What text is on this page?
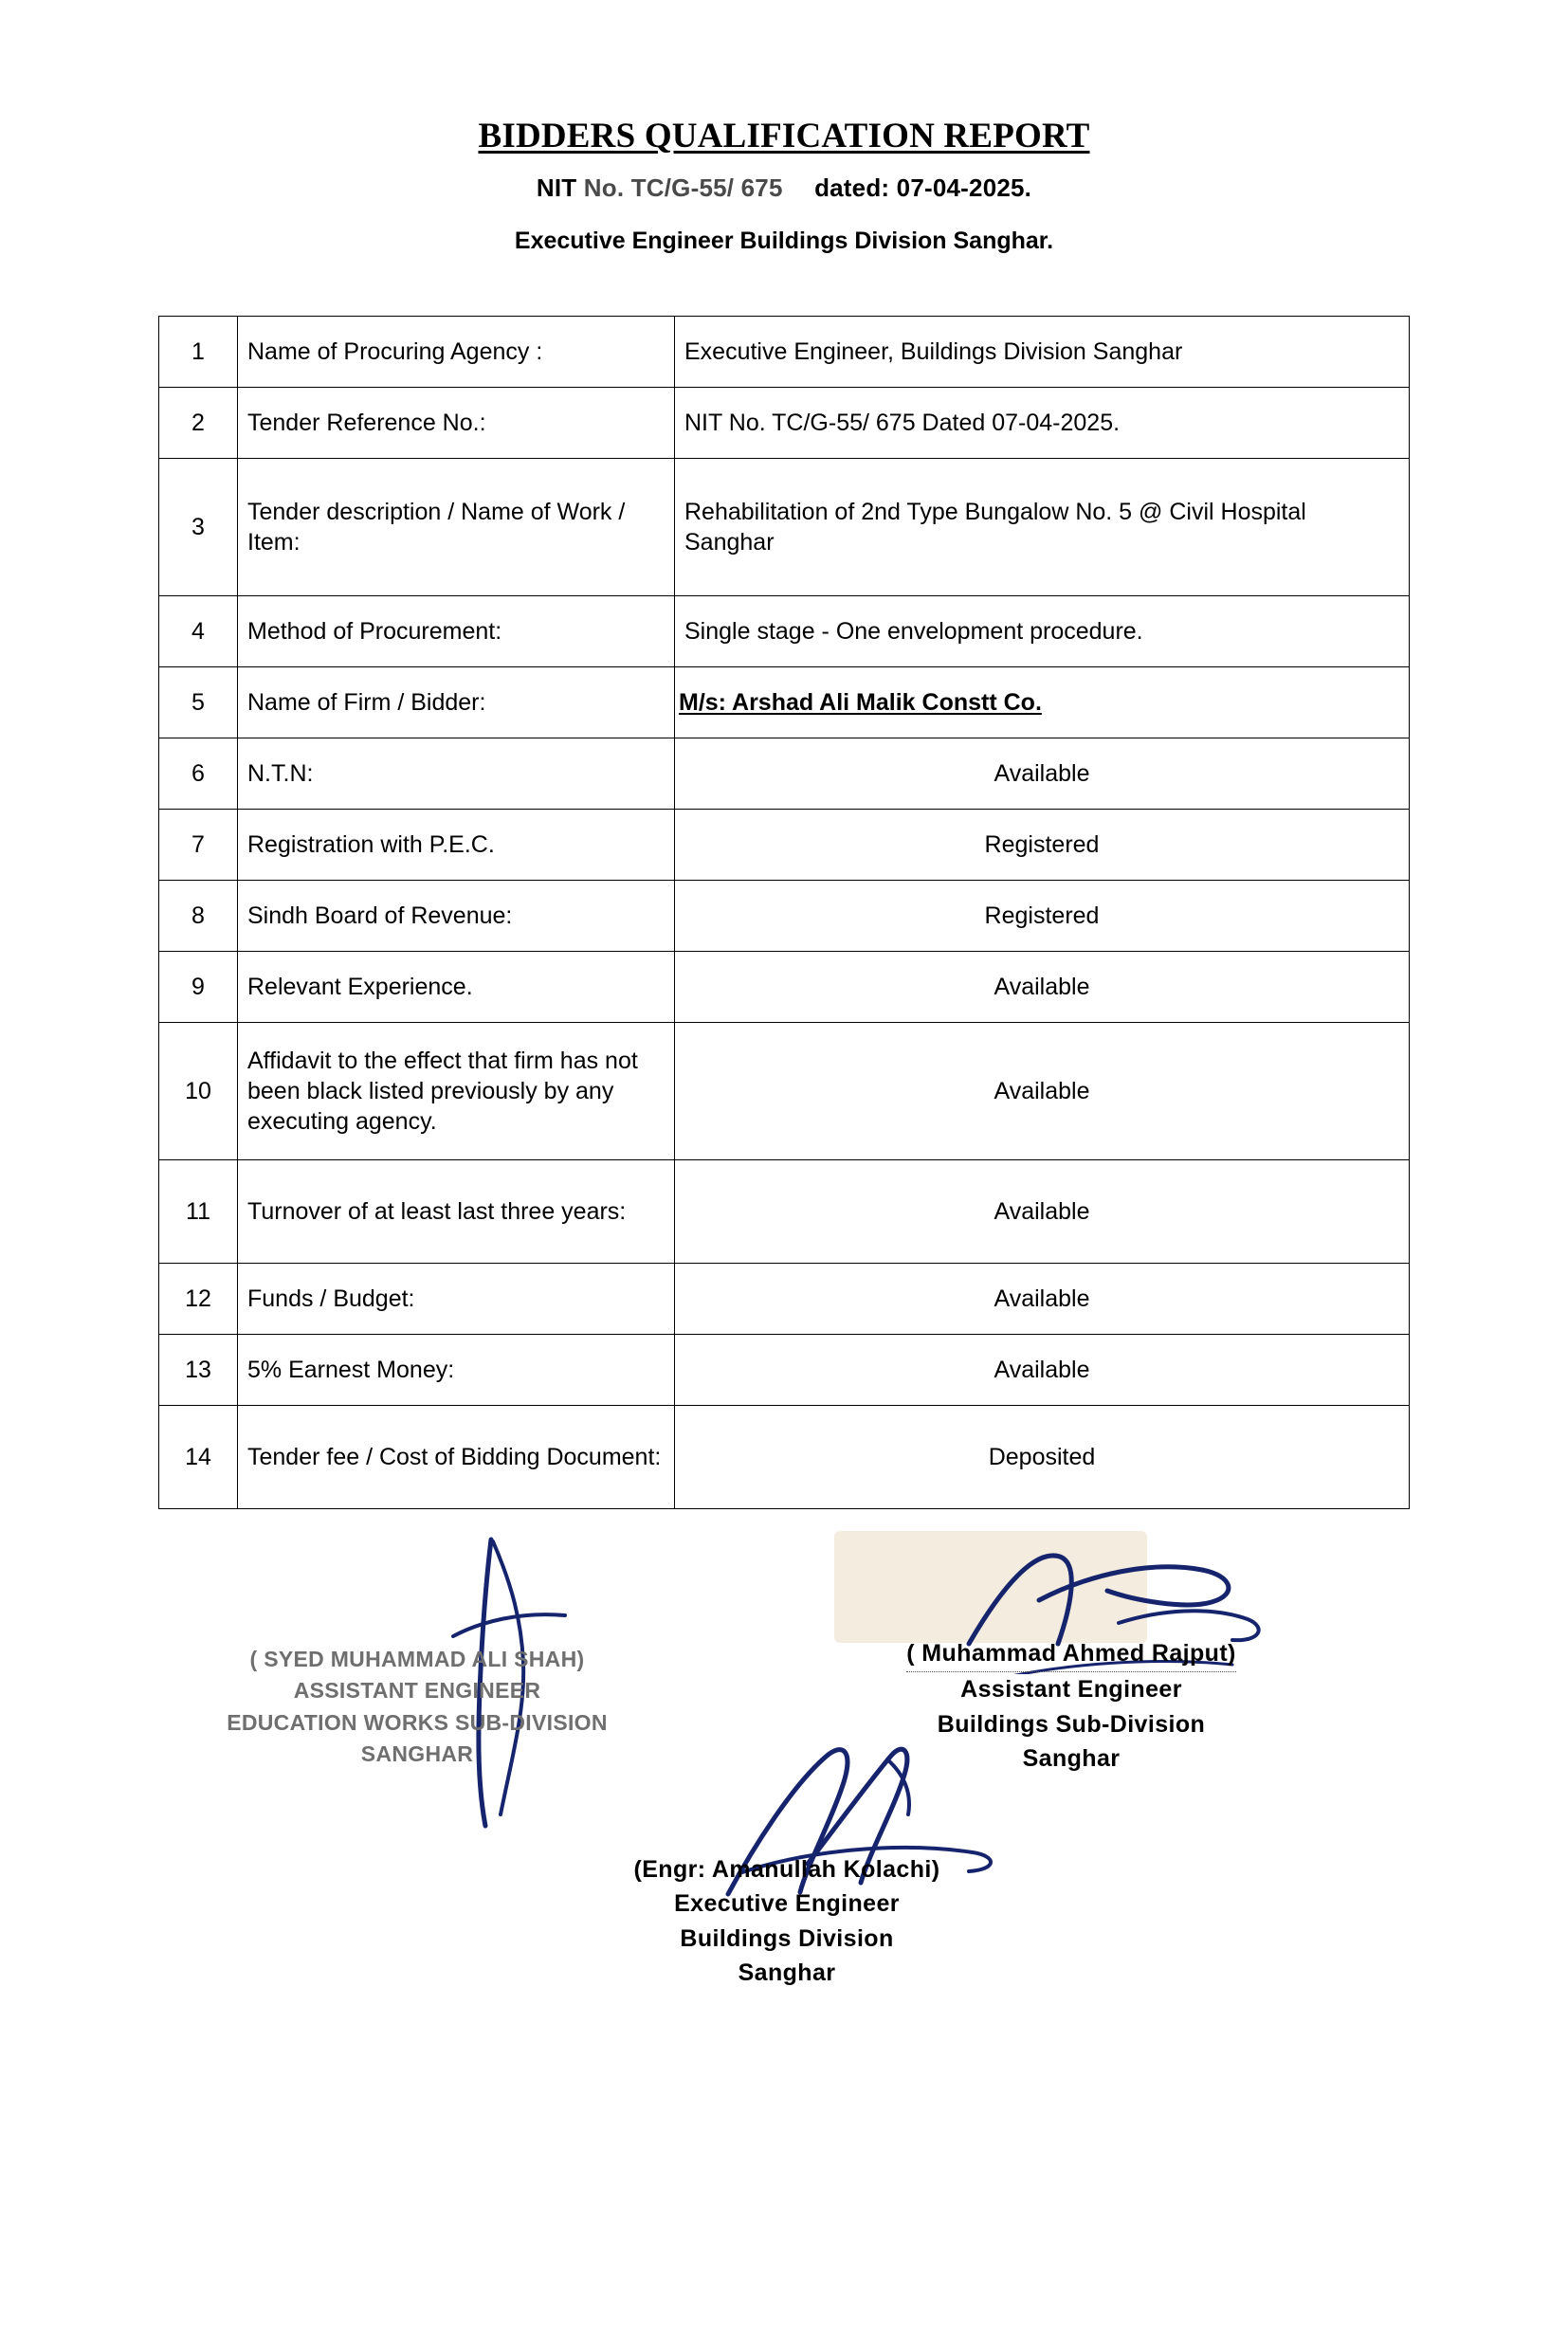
BIDDERS QUALIFICATION REPORT
NIT No. TC/G-55/ 675 dated: 07-04-2025.
Executive Engineer Buildings Division Sanghar.
1	Name of Procuring Agency :	Executive Engineer, Buildings Division Sanghar
2	Tender Reference No.:	NIT No. TC/G-55/ 675 Dated 07-04-2025.
3	Tender description / Name of Work / Item:	Rehabilitation of 2nd Type Bungalow No. 5 @ Civil Hospital Sanghar
4	Method of Procurement:	Single stage - One envelopment procedure.
5	Name of Firm / Bidder:	M/s: Arshad Ali Malik Constt Co.
6	N.T.N:	Available
7	Registration with P.E.C.	Registered
8	Sindh Board of Revenue:	Registered
9	Relevant Experience.	Available
10	Affidavit to the effect that firm has not been black listed previously by any executing agency.	Available
11	Turnover of at least last three years:	Available
12	Funds / Budget:	Available
13	5% Earnest Money:	Available
14	Tender fee / Cost of Bidding Document:	Deposited
( SYED MUHAMMAD ALI SHAH)
ASSISTANT ENGINEER
EDUCATION WORKS SUB-DIVISION
SANGHAR
( Muhammad Ahmed Rajput)
Assistant Engineer
Buildings Sub-Division
Sanghar
(Engr: Amanullah Kolachi)
Executive Engineer
Buildings Division
Sanghar
